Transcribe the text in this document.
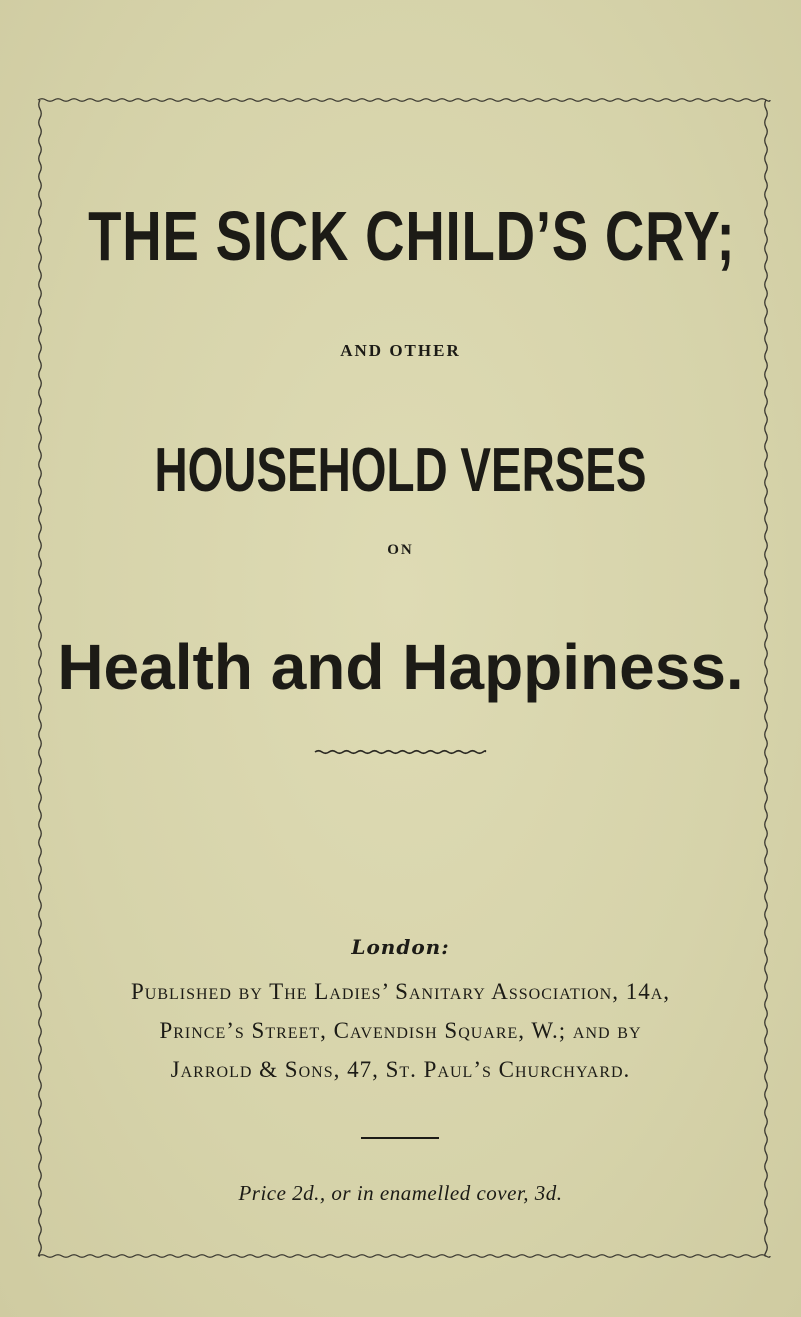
THE SICK CHILD’S CRY;
AND OTHER
HOUSEHOLD VERSES
ON
Health and Happiness.
London:
Published by The Ladies’ Sanitary Association, 14a,
Prince’s Street, Cavendish Square, W.; and by
Jarrold & Sons, 47, St. Paul’s Churchyard.
Price 2d., or in enamelled cover, 3d.
